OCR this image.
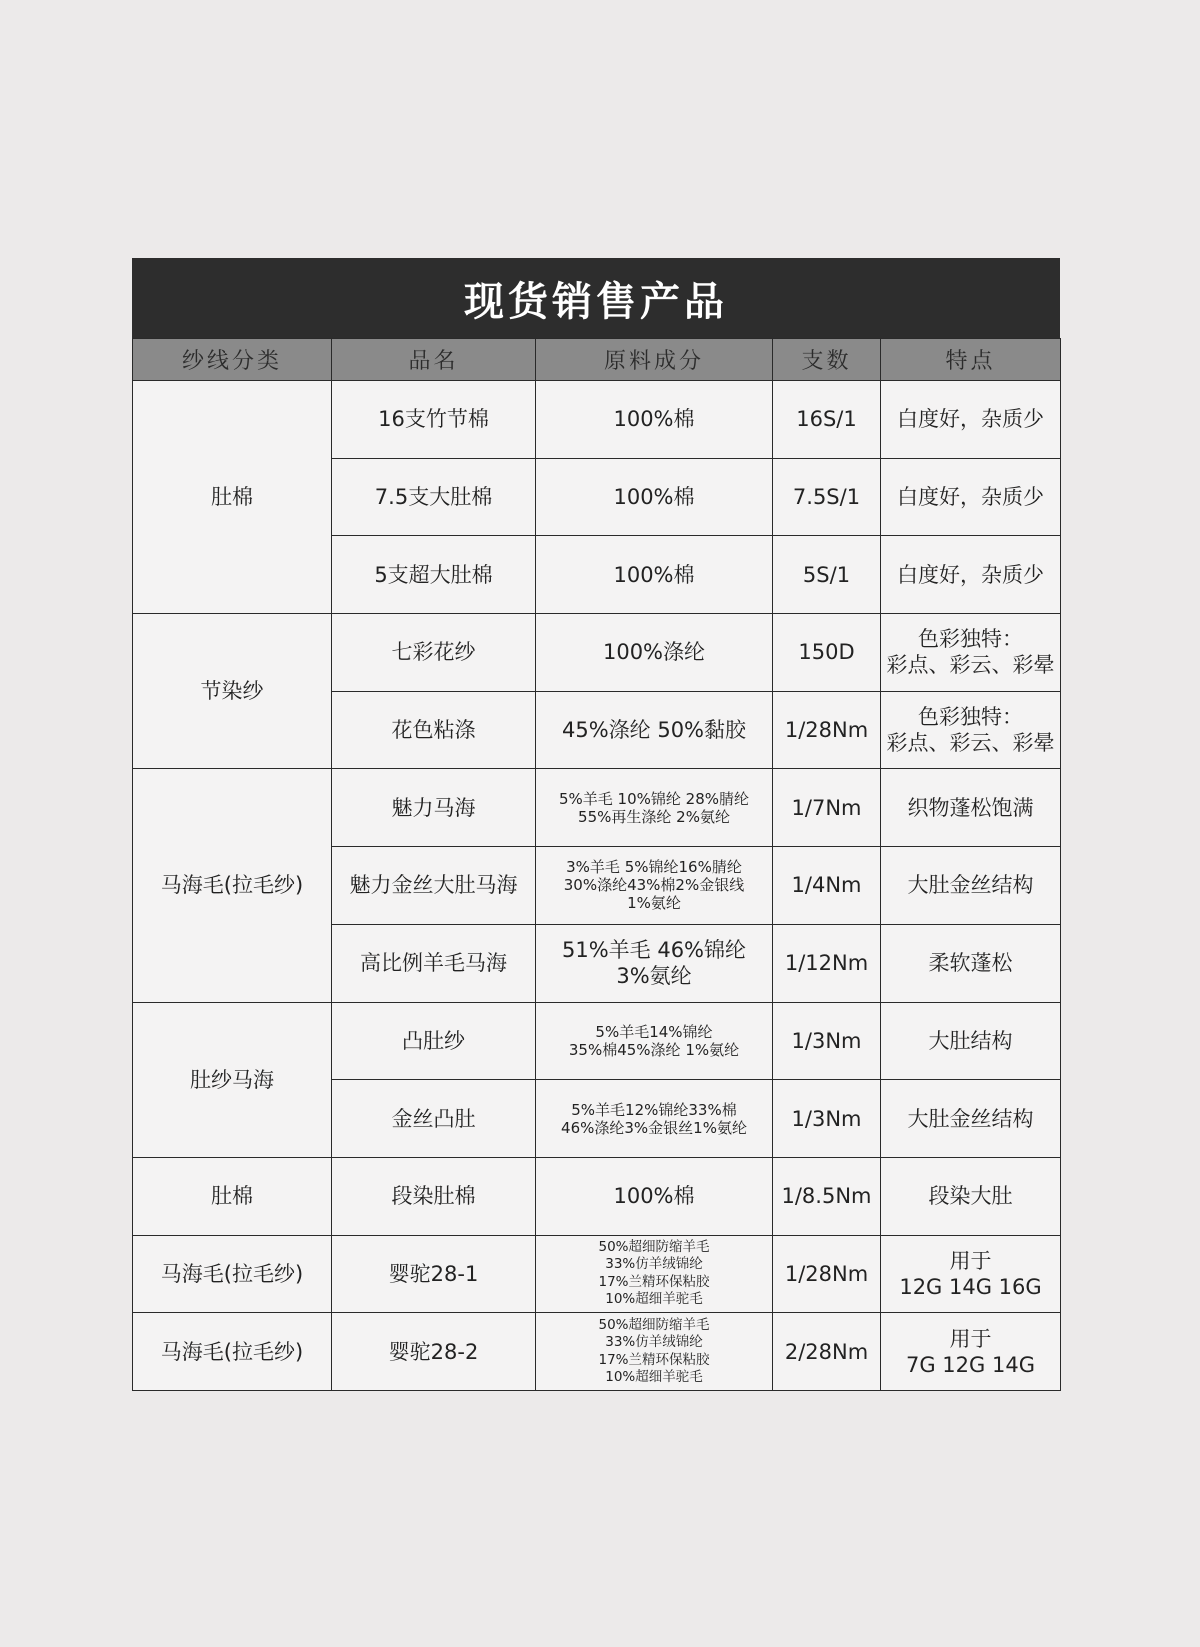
现货销售产品
纱线分类	品名	原料成分	支数	特点
肚棉	16支竹节棉	100%棉	16S/1	白度好，杂质少

	7.5支大肚棉	100%棉	7.5S/1	白度好，杂质少

	5支超大肚棉	100%棉	5S/1	白度好，杂质少

节染纱	七彩花纱	100%涤纶	150D	色彩独特：
彩点、彩云、彩晕

	花色粘涤	45%涤纶 50%黏胶	1/28Nm	色彩独特：
彩点、彩云、彩晕

马海毛(拉毛纱)	魅力马海	5%羊毛 10%锦纶 28%腈纶
55%再生涤纶 2%氨纶	1/7Nm	织物蓬松饱满

	魅力金丝大肚马海	3%羊毛 5%锦纶16%腈纶
30%涤纶43%棉2%金银线
1%氨纶	1/4Nm	大肚金丝结构

	高比例羊毛马海	51%羊毛 46%锦纶
3%氨纶	1/12Nm	柔软蓬松

肚纱马海	凸肚纱	5%羊毛14%锦纶
35%棉45%涤纶 1%氨纶	1/3Nm	大肚结构

	金丝凸肚	5%羊毛12%锦纶33%棉
46%涤纶3%金银丝1%氨纶	1/3Nm	大肚金丝结构

肚棉	段染肚棉	100%棉	1/8.5Nm	段染大肚

马海毛(拉毛纱)	婴驼28-1	50%超细防缩羊毛
33%仿羊绒锦纶
17%兰精环保粘胶
10%超细羊驼毛	1/28Nm	用于
12G 14G 16G

马海毛(拉毛纱)	婴驼28-2	50%超细防缩羊毛
33%仿羊绒锦纶
17%兰精环保粘胶
10%超细羊驼毛	2/28Nm	用于
7G 12G 14G
